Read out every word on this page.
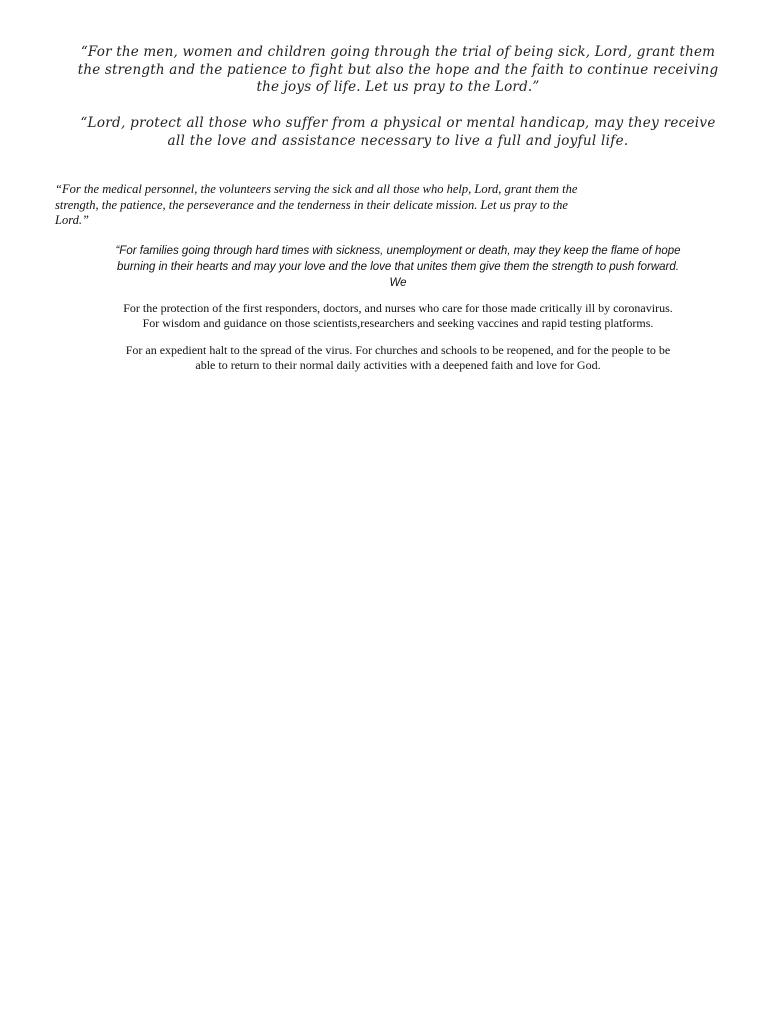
“For the men, women and children going through the trial of being sick, Lord, grant them
the strength and the patience to fight but also the hope and the faith to continue receiving
the joys of life. Let us pray to the Lord.”
“Lord, protect all those who suffer from a physical or mental handicap, may they receive
all the love and assistance necessary to live a full and joyful life.
“For the medical personnel, the volunteers serving the sick and all those who help, Lord, grant them the
strength, the patience, the perseverance and the tenderness in their delicate mission. Let us pray to the
Lord.”
“For families going through hard times with sickness, unemployment or death, may they keep the flame of hope
burning in their hearts and may your love and the love that unites them give them the strength to push forward.
We
For the protection of the first responders, doctors, and nurses who care for those made critically ill by coronavirus.
For wisdom and guidance on those scientists,researchers and seeking vaccines and rapid testing platforms.
For an expedient halt to the spread of the virus. For churches and schools to be reopened, and for the people to be
able to return to their normal daily activities with a deepened faith and love for God.
